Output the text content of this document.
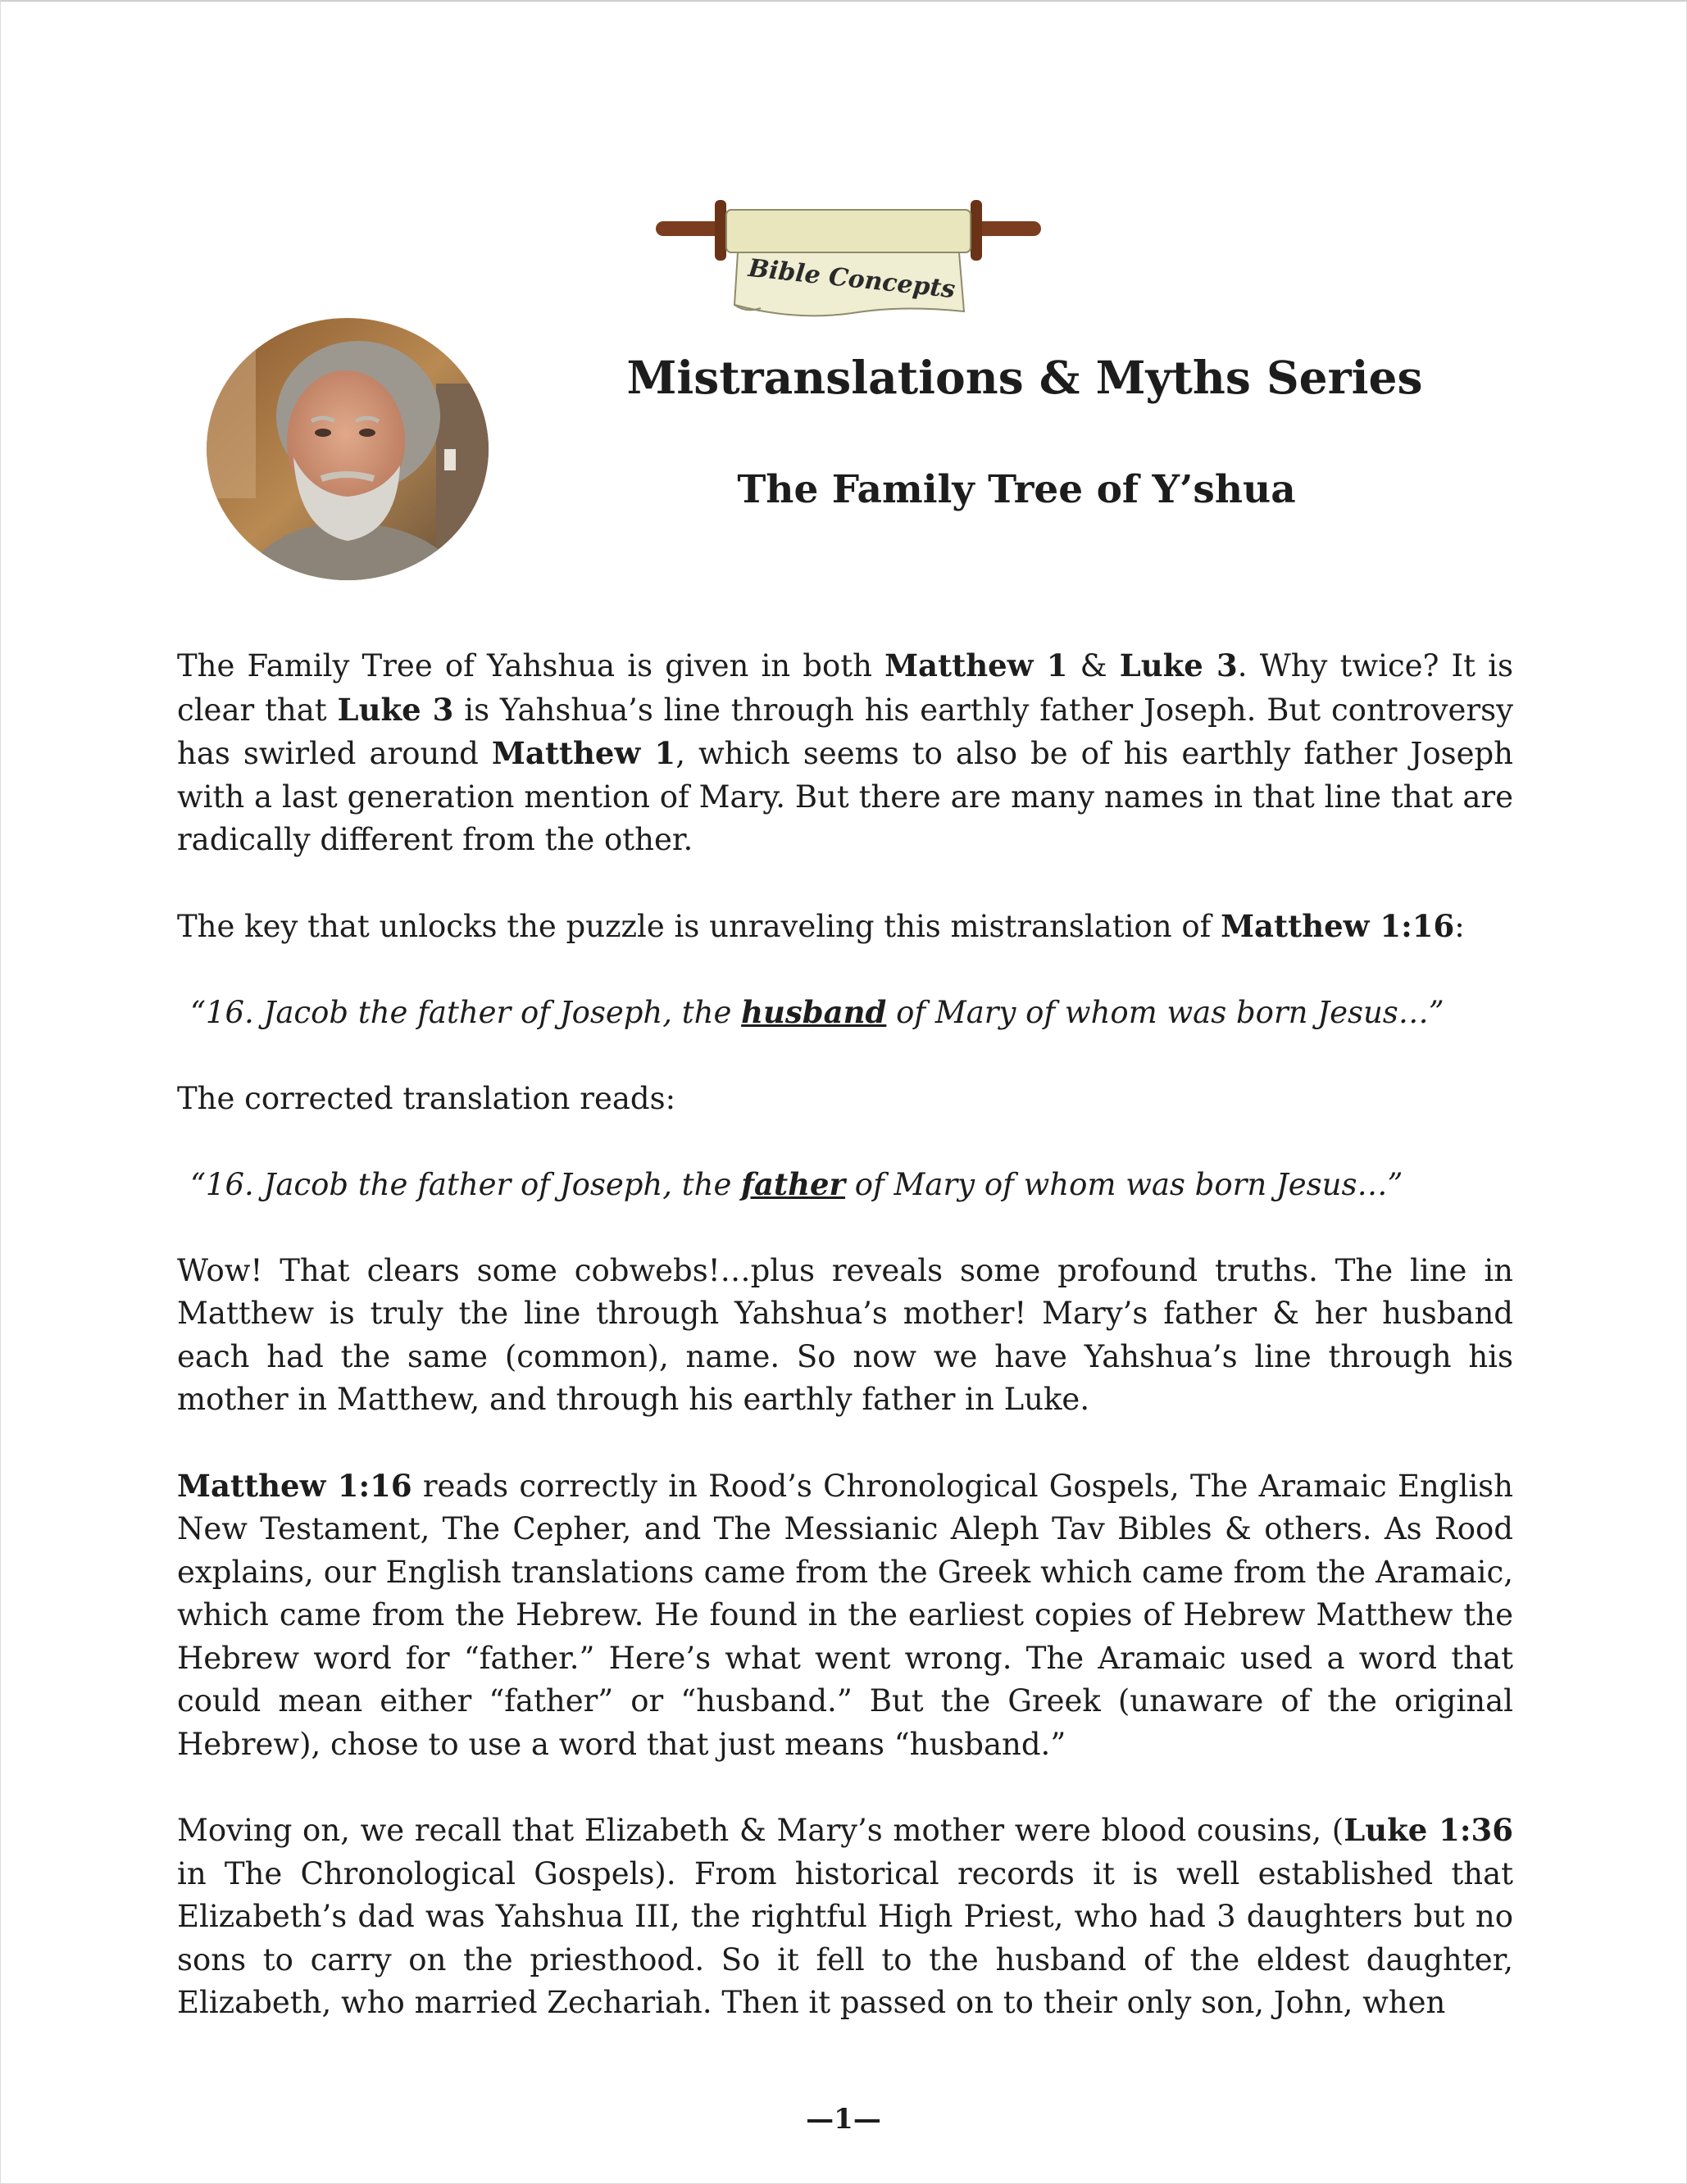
Bible Concepts
Mistranslations & Myths Series
The Family Tree of Y’shua

The Family Tree of Yahshua is given in both Matthew 1 & Luke 3. Why twice? It is clear that Luke 3 is Yahshua’s line through his earthly father Joseph. But controversy has swirled around Matthew 1, which seems to also be of his earthly father Joseph with a last generation mention of Mary. But there are many names in that line that are radically different from the other.

The key that unlocks the puzzle is unraveling this mistranslation of Matthew 1:16:

“16. Jacob the father of Joseph, the husband of Mary of whom was born Jesus…”

The corrected translation reads:

“16. Jacob the father of Joseph, the father of Mary of whom was born Jesus…”

Wow! That clears some cobwebs!…plus reveals some profound truths. The line in Matthew is truly the line through Yahshua’s mother! Mary’s father & her husband each had the same (common), name. So now we have Yahshua’s line through his mother in Matthew, and through his earthly father in Luke.

Matthew 1:16 reads correctly in Rood’s Chronological Gospels, The Aramaic English New Testament, The Cepher, and The Messianic Aleph Tav Bibles & others. As Rood explains, our English translations came from the Greek which came from the Aramaic, which came from the Hebrew. He found in the earliest copies of Hebrew Matthew the Hebrew word for “father.” Here’s what went wrong. The Aramaic used a word that could mean either “father” or “husband.” But the Greek (unaware of the original Hebrew), chose to use a word that just means “husband.”

Moving on, we recall that Elizabeth & Mary’s mother were blood cousins, (Luke 1:36 in The Chronological Gospels). From historical records it is well established that Elizabeth’s dad was Yahshua III, the rightful High Priest, who had 3 daughters but no sons to carry on the priesthood. So it fell to the husband of the eldest daughter, Elizabeth, who married Zechariah. Then it passed on to their only son, John, when

—1—
